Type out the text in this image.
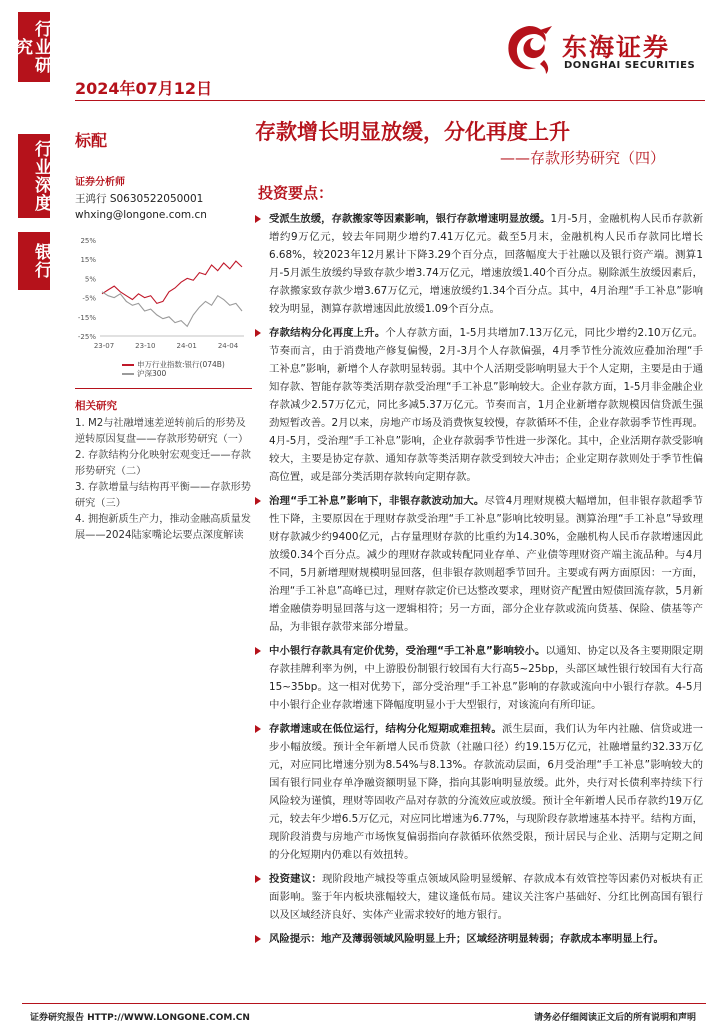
行业研究
行业深度
银行
2024年07月12日
东海证券
DONGHAI SECURITIES
标配	存款增长明显放缓，分化再度上升
——存款形势研究（四）
证券分析师
王鸿行 S0630522050001
whxing@longone.com.cn
25%
15%
5%
-5%
-15%
-25%
23-07	23-10	24-01	24-04
申万行业指数:银行(074B)
沪深300
相关研究
1. M2与社融增速差逆转前后的形势及逆转原因复盘——存款形势研究（一）
2. 存款结构分化映射宏观变迁——存款形势研究（二）
3. 存款增量与结构再平衡——存款形势研究（三）
4. 拥抱新质生产力，推动金融高质量发展——2024陆家嘴论坛要点深度解读
投资要点：
受派生放缓，存款搬家等因素影响，银行存款增速明显放缓。1月-5月，金融机构人民币存款新增约9万亿元，较去年同期少增约7.41万亿元。截至5月末，金融机构人民币存款同比增长6.68%，较2023年12月累计下降3.29个百分点，回落幅度大于社融以及银行资产端。测算1月-5月派生放缓约导致存款少增3.74万亿元，增速放缓1.40个百分点。剔除派生放缓因素后，存款搬家致存款少增3.67万亿元，增速放缓约1.34个百分点。其中，4月治理“手工补息”影响较为明显，测算存款增速因此放缓1.09个百分点。
存款结构分化再度上升。个人存款方面，1-5月共增加7.13万亿元，同比少增约2.10万亿元。节奏而言，由于消费地产修复偏慢，2月-3月个人存款偏强，4月季节性分流效应叠加治理“手工补息”影响，新增个人存款明显转弱。其中个人活期受影响明显大于个人定期，主要是由于通知存款、智能存款等类活期存款受治理“手工补息”影响较大。企业存款方面，1-5月非金融企业存款减少2.57万亿元，同比多减5.37万亿元。节奏而言，1月企业新增存款规模因信贷派生强劲短暂改善。2月以来，房地产市场及消费恢复较慢，存款循环不佳，企业存款弱季节性再现。4月-5月，受治理“手工补息”影响，企业存款弱季节性进一步深化。其中，企业活期存款受影响较大，主要是协定存款、通知存款等类活期存款受到较大冲击；企业定期存款则处于季节性偏高位置，或是部分类活期存款转向定期存款。
治理“手工补息”影响下，非银存款波动加大。尽管4月理财规模大幅增加，但非银存款超季节性下降，主要原因在于理财存款受治理“手工补息”影响比较明显。测算治理“手工补息”导致理财存款减少约9400亿元，占存量理财存款的比重约为14.30%，金融机构人民币存款增速因此放缓0.34个百分点。减少的理财存款或转配同业存单、产业债等理财资产端主流品种。与4月不同，5月新增理财规模明显回落，但非银存款则超季节回升。主要或有两方面原因：一方面，治理“手工补息”高峰已过，理财存款定价已达整改要求，理财资产配置由短债回流存款，5月新增金融债券明显回落与这一逻辑相符；另一方面，部分企业存款或流向货基、保险、债基等产品，为非银存款带来部分增量。
中小银行存款具有定价优势，受治理“手工补息”影响较小。以通知、协定以及各主要期限定期存款挂牌利率为例，中上游股份制银行较国有大行高5~25bp，头部区域性银行较国有大行高15~35bp。这一相对优势下，部分受治理“手工补息”影响的存款或流向中小银行存款。4-5月中小银行企业存款增速下降幅度明显小于大型银行，对该流向有所印证。
存款增速或在低位运行，结构分化短期或难扭转。派生层面，我们认为年内社融、信贷或进一步小幅放缓。预计全年新增人民币贷款（社融口径）约19.15万亿元，社融增量约32.33万亿元，对应同比增速分别为8.54%与8.13%。存款流动层面，6月受治理“手工补息”影响较大的国有银行同业存单净融资额明显下降，指向其影响明显放缓。此外，央行对长债利率持续下行风险较为谨慎，理财等固收产品对存款的分流效应或放缓。预计全年新增人民币存款约19万亿元，较去年少增6.5万亿元，对应同比增速为6.77%，与现阶段存款增速基本持平。结构方面，现阶段消费与房地产市场恢复偏弱指向存款循环依然受限，预计居民与企业、活期与定期之间的分化短期内仍难以有效扭转。
投资建议：现阶段地产城投等重点领域风险明显缓解、存款成本有效管控等因素仍对板块有正面影响。鉴于年内板块涨幅较大，建议逢低布局。建议关注客户基础好、分红比例高国有银行以及区域经济良好、实体产业需求较好的地方银行。
风险提示：地产及薄弱领域风险明显上升；区域经济明显转弱；存款成本率明显上行。
证券研究报告 HTTP://WWW.LONGONE.COM.CN	请务必仔细阅读正文后的所有说明和声明
